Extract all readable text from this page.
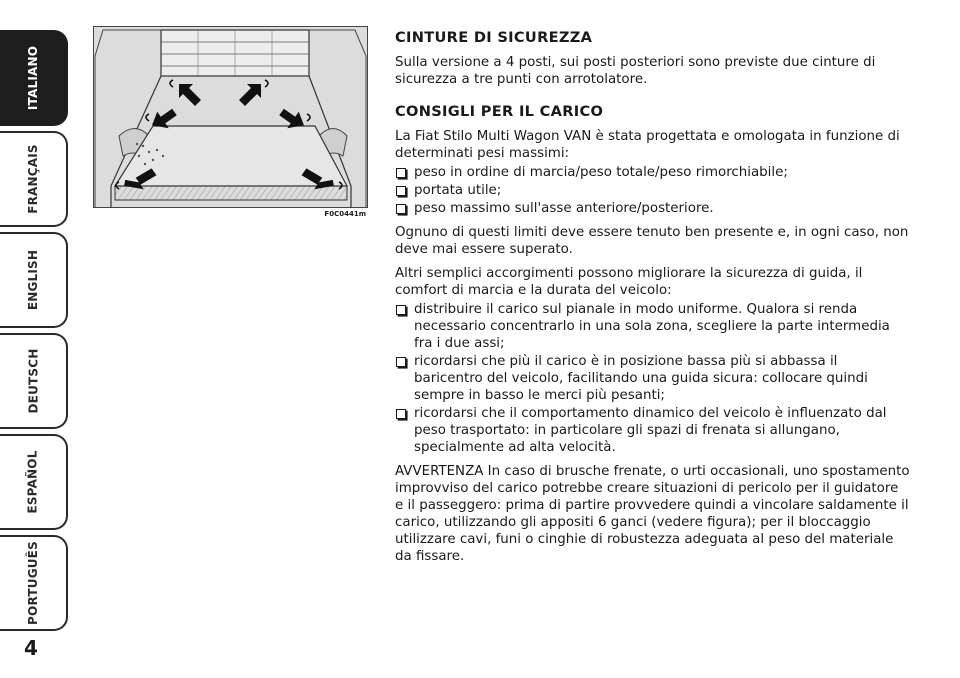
ITALIANO
FRANÇAIS
ENGLISH
DEUTSCH
ESPAÑOL
PORTUGUÊS
4
F0C0441m
CINTURE DI SICUREZZA

Sulla versione a 4 posti, sui posti posteriori sono previste due cinture di sicurezza a tre punti con arrotolatore.

CONSIGLI PER IL CARICO

La Fiat Stilo Multi Wagon VAN è stata progettata e omologata in funzione di determinati pesi massimi:

peso in ordine di marcia/peso totale/peso rimorchiabile;
portata utile;
peso massimo sull'asse anteriore/posteriore.

Ognuno di questi limiti deve essere tenuto ben presente e, in ogni caso, non deve mai essere superato.

Altri semplici accorgimenti possono migliorare la sicurezza di guida, il comfort di marcia e la durata del veicolo:

distribuire il carico sul pianale in modo uniforme. Qualora si renda necessario concentrarlo in una sola zona, scegliere la parte intermedia fra i due assi;
ricordarsi che più il carico è in posizione bassa più si abbassa il baricentro del veicolo, facilitando una guida sicura: collocare quindi sempre in basso le merci più pesanti;
ricordarsi che il comportamento dinamico del veicolo è influenzato dal peso trasportato: in particolare gli spazi di frenata si allungano, specialmente ad alta velocità.

AVVERTENZA In caso di brusche frenate, o urti occasionali, uno spostamento improvviso del carico potrebbe creare situazioni di pericolo per il guidatore e il passeggero: prima di partire provvedere quindi a vincolare saldamente il carico, utilizzando gli appositi 6 ganci (vedere figura); per il bloccaggio utilizzare cavi, funi o cinghie di robustezza adeguata al peso del materiale da fissare.
